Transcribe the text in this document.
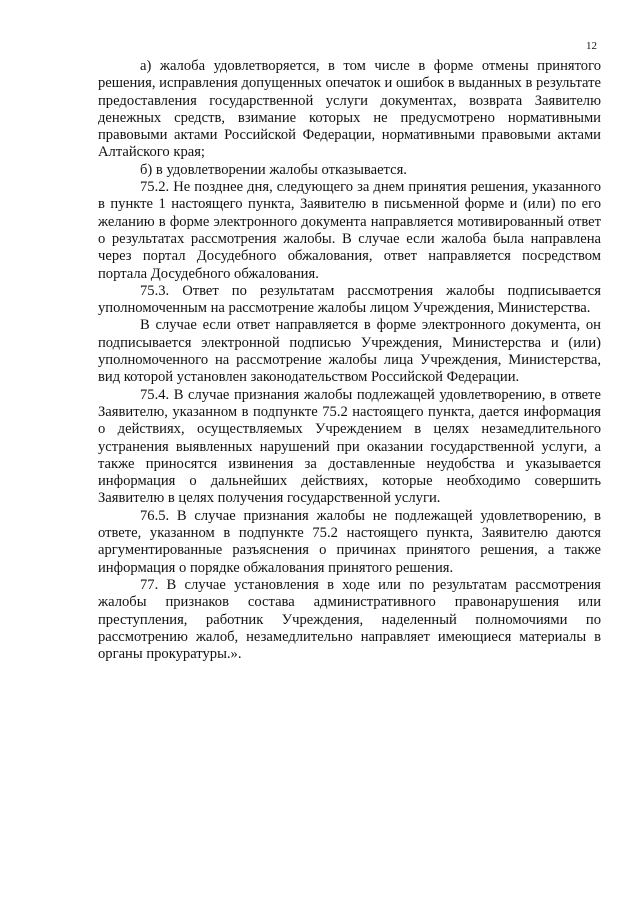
12

а) жалоба удовлетворяется, в том числе в форме отмены принятого решения, исправления допущенных опечаток и ошибок в выданных в результате предоставления государственной услуги документах, возврата Заявителю денежных средств, взимание которых не предусмотрено нормативными правовыми актами Российской Федерации, нормативными правовыми актами Алтайского края;

б) в удовлетворении жалобы отказывается.

75.2. Не позднее дня, следующего за днем принятия решения, указанного в пункте 1 настоящего пункта, Заявителю в письменной форме и (или) по его желанию в форме электронного документа направляется мотивированный ответ о результатах рассмотрения жалобы. В случае если жалоба была направлена через портал Досудебного обжалования, ответ направляется посредством портала Досудебного обжалования.

75.3. Ответ по результатам рассмотрения жалобы подписывается уполномоченным на рассмотрение жалобы лицом Учреждения, Министерства.

В случае если ответ направляется в форме электронного документа, он подписывается электронной подписью Учреждения, Министерства и (или) уполномоченного на рассмотрение жалобы лица Учреждения, Министерства, вид которой установлен законодательством Российской Федерации.

75.4. В случае признания жалобы подлежащей удовлетворению, в ответе Заявителю, указанном в подпункте 75.2 настоящего пункта, дается информация о действиях, осуществляемых Учреждением в целях незамедлительного устранения выявленных нарушений при оказании государственной услуги, а также приносятся извинения за доставленные неудобства и указывается информация о дальнейших действиях, которые необходимо совершить Заявителю в целях получения государственной услуги.

76.5. В случае признания жалобы не подлежащей удовлетворению, в ответе, указанном в подпункте 75.2 настоящего пункта, Заявителю даются аргументированные разъяснения о причинах принятого решения, а также информация о порядке обжалования принятого решения.

77. В случае установления в ходе или по результатам рассмотрения жалобы признаков состава административного правонарушения или преступления, работник Учреждения, наделенный полномочиями по рассмотрению жалоб, незамедлительно направляет имеющиеся материалы в органы прокуратуры.».
